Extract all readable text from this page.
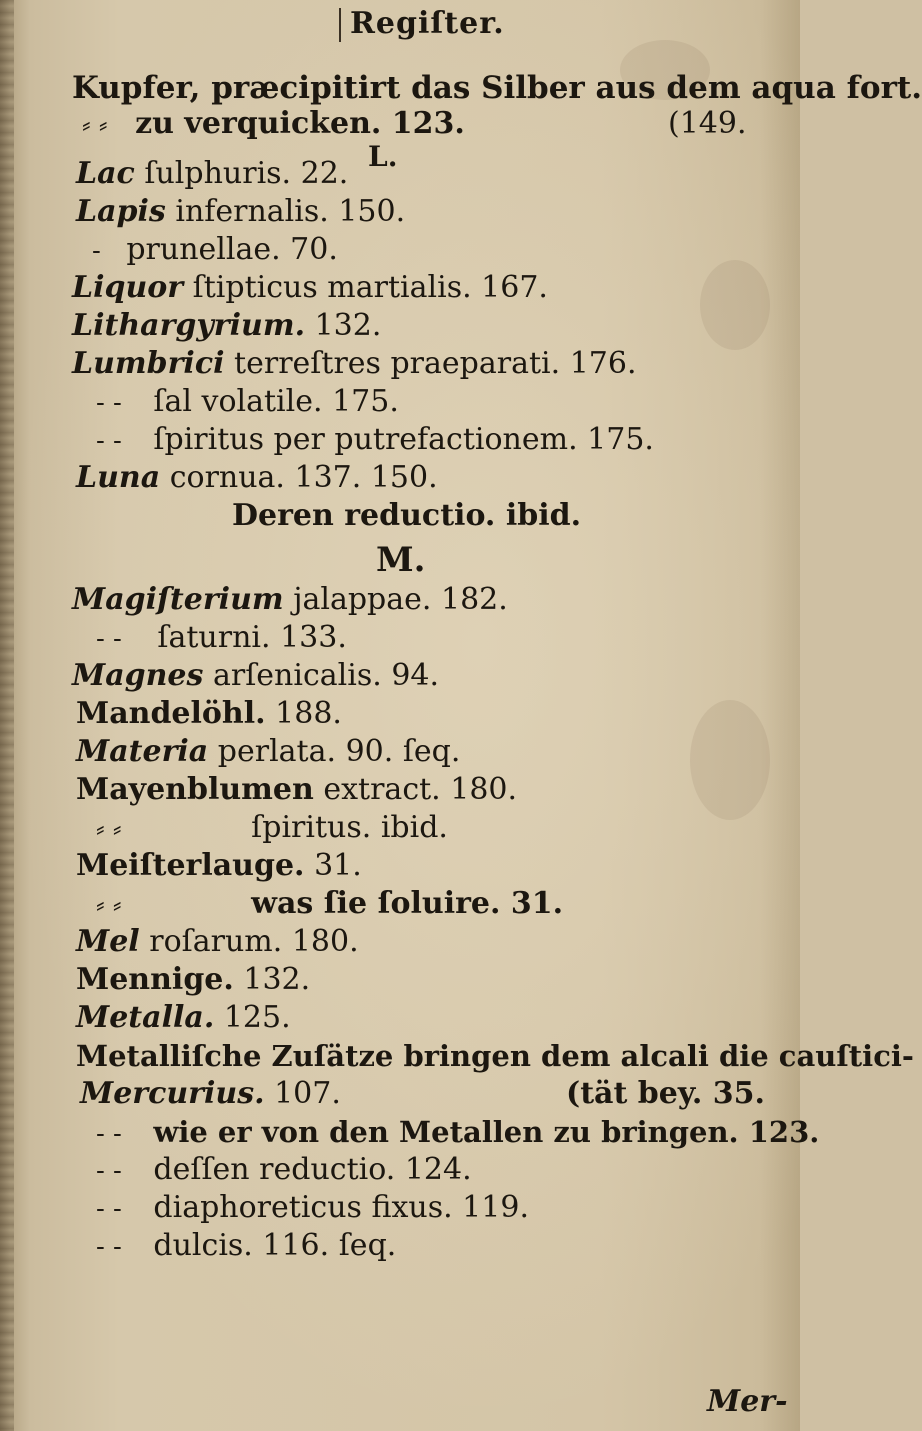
Regiſter.
Kupfer, præcipitirt das Silber aus dem aqua fort.
⸗ ⸗ zu verquicken. 123.	(149.
L.
Lac ſulphuris. 22.
Lapis infernalis. 150.
- prunellae. 70.
Liquor ſtipticus martialis. 167.
Lithargyrium. 132.
Lumbrici terreſtres praeparati. 176.
- - ſal volatile. 175.
- - ſpiritus per putrefactionem. 175.
Luna cornua. 137. 150.
Deren reductio. ibid.
M.
Magiſterium jalappae. 182.
- - ſaturni. 133.
Magnes arſenicalis. 94.
Mandelöhl. 188.
Materia perlata. 90. ſeq.
Mayenblumen extract. 180.
⸗ ⸗	ſpiritus. ibid.
Meiſterlauge. 31.
⸗ ⸗	was ſie ſoluire. 31.
Mel roſarum. 180.
Mennige. 132.
Metalla. 125.
Metalliſche Zuſätze bringen dem alcali die cauſtici-
Mercurius. 107.	(tät bey. 35.
- - wie er von den Metallen zu bringen. 123.
- - deſſen reductio. 124.
- - diaphoreticus fixus. 119.
- - dulcis. 116. ſeq.
Mer-
